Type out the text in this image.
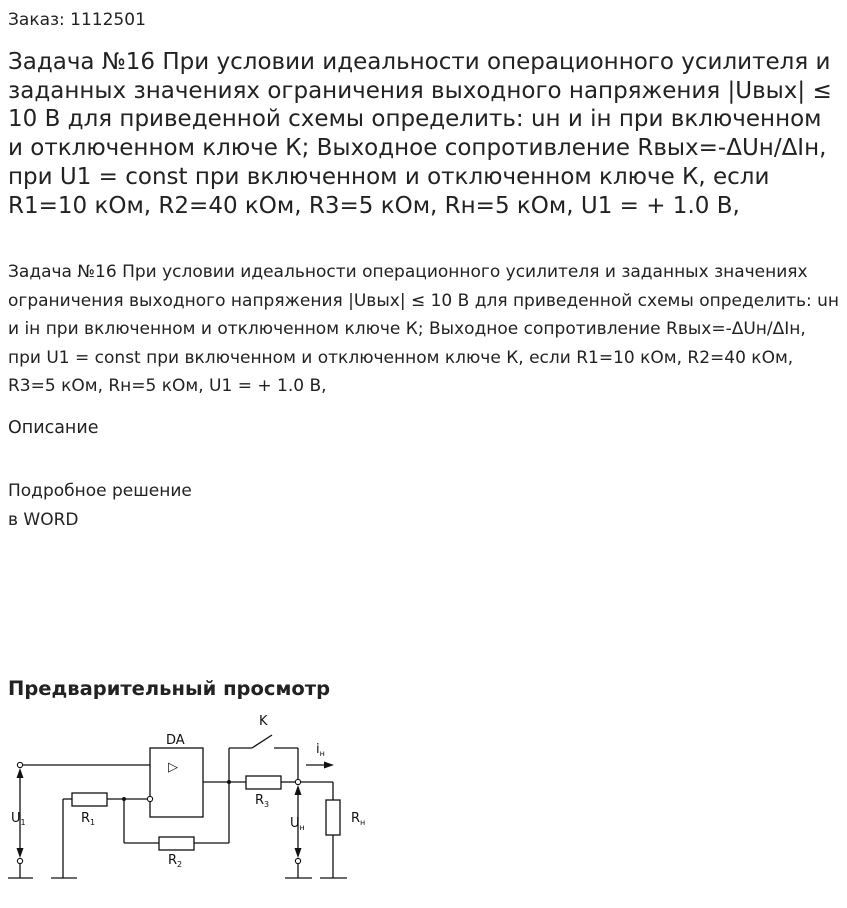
Заказ: 1112501
Задача №16 При условии идеальности операционного усилителя и заданных значениях ограничения выходного напряжения |Uвых| ≤ 10 В для приведенной схемы определить: uн и iн при включенном и отключенном ключе К; Выходное сопротивление Rвых=-ΔUн/ΔIн, при U1 = const при включенном и отключенном ключе К, если R1=10 кОм, R2=40 кОм, R3=5 кОм, Rн=5 кОм, U1 = + 1.0 В,

Задача №16 При условии идеальности операционного усилителя и заданных значениях ограничения выходного напряжения |Uвых| ≤ 10 В для приведенной схемы определить: uн и iн при включенном и отключенном ключе К; Выходное сопротивление Rвых=-ΔUн/ΔIн, при U1 = const при включенном и отключенном ключе К, если R1=10 кОм, R2=40 кОм, R3=5 кОм, Rн=5 кОм, U1 = + 1.0 В,

Описание
Подробное решение
в WORD
Предварительный просмотр
$U_1$
DA
▷
$R_1$
$R_2$
K
$R_3$
$i_н$
$U_н$
$R_н$
